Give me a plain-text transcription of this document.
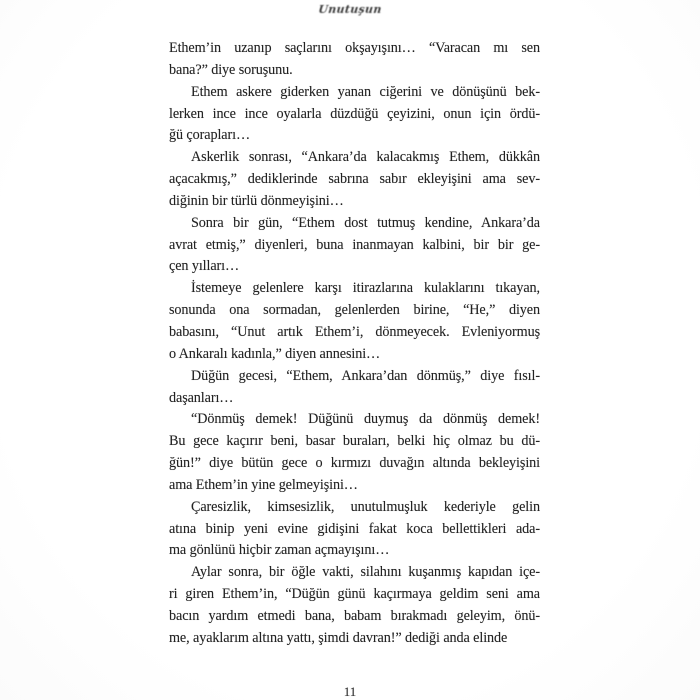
Unutuşun
Ethem’in uzanıp saçlarını okşayışını… “Varacan mı sen
bana?” diye soruşunu.
Ethem askere giderken yanan ciğerini ve dönüşünü bek-
lerken ince ince oyalarla düzdüğü çeyizini, onun için ördü-
ğü çorapları…
Askerlik sonrası, “Ankara’da kalacakmış Ethem, dükkân
açacakmış,” dediklerinde sabrına sabır ekleyişini ama sev-
diğinin bir türlü dönmeyişini…
Sonra bir gün, “Ethem dost tutmuş kendine, Ankara’da
avrat etmiş,” diyenleri, buna inanmayan kalbini, bir bir ge-
çen yılları…
İstemeye gelenlere karşı itirazlarına kulaklarını tıkayan,
sonunda ona sormadan, gelenlerden birine, “He,” diyen
babasını, “Unut artık Ethem’i, dönmeyecek. Evleniyormuş
o Ankaralı kadınla,” diyen annesini…
Düğün gecesi, “Ethem, Ankara’dan dönmüş,” diye fısıl-
daşanları…
“Dönmüş demek! Düğünü duymuş da dönmüş demek!
Bu gece kaçırır beni, basar buraları, belki hiç olmaz bu dü-
ğün!” diye bütün gece o kırmızı duvağın altında bekleyişini
ama Ethem’in yine gelmeyişini…
Çaresizlik, kimsesizlik, unutulmuşluk kederiyle gelin
atına binip yeni evine gidişini fakat koca bellettikleri ada-
ma gönlünü hiçbir zaman açmayışını…
Aylar sonra, bir öğle vakti, silahını kuşanmış kapıdan içe-
ri giren Ethem’in, “Düğün günü kaçırmaya geldim seni ama
bacın yardım etmedi bana, babam bırakmadı geleyim, önü-
me, ayaklarım altına yattı, şimdi davran!” dediği anda elinde
11
